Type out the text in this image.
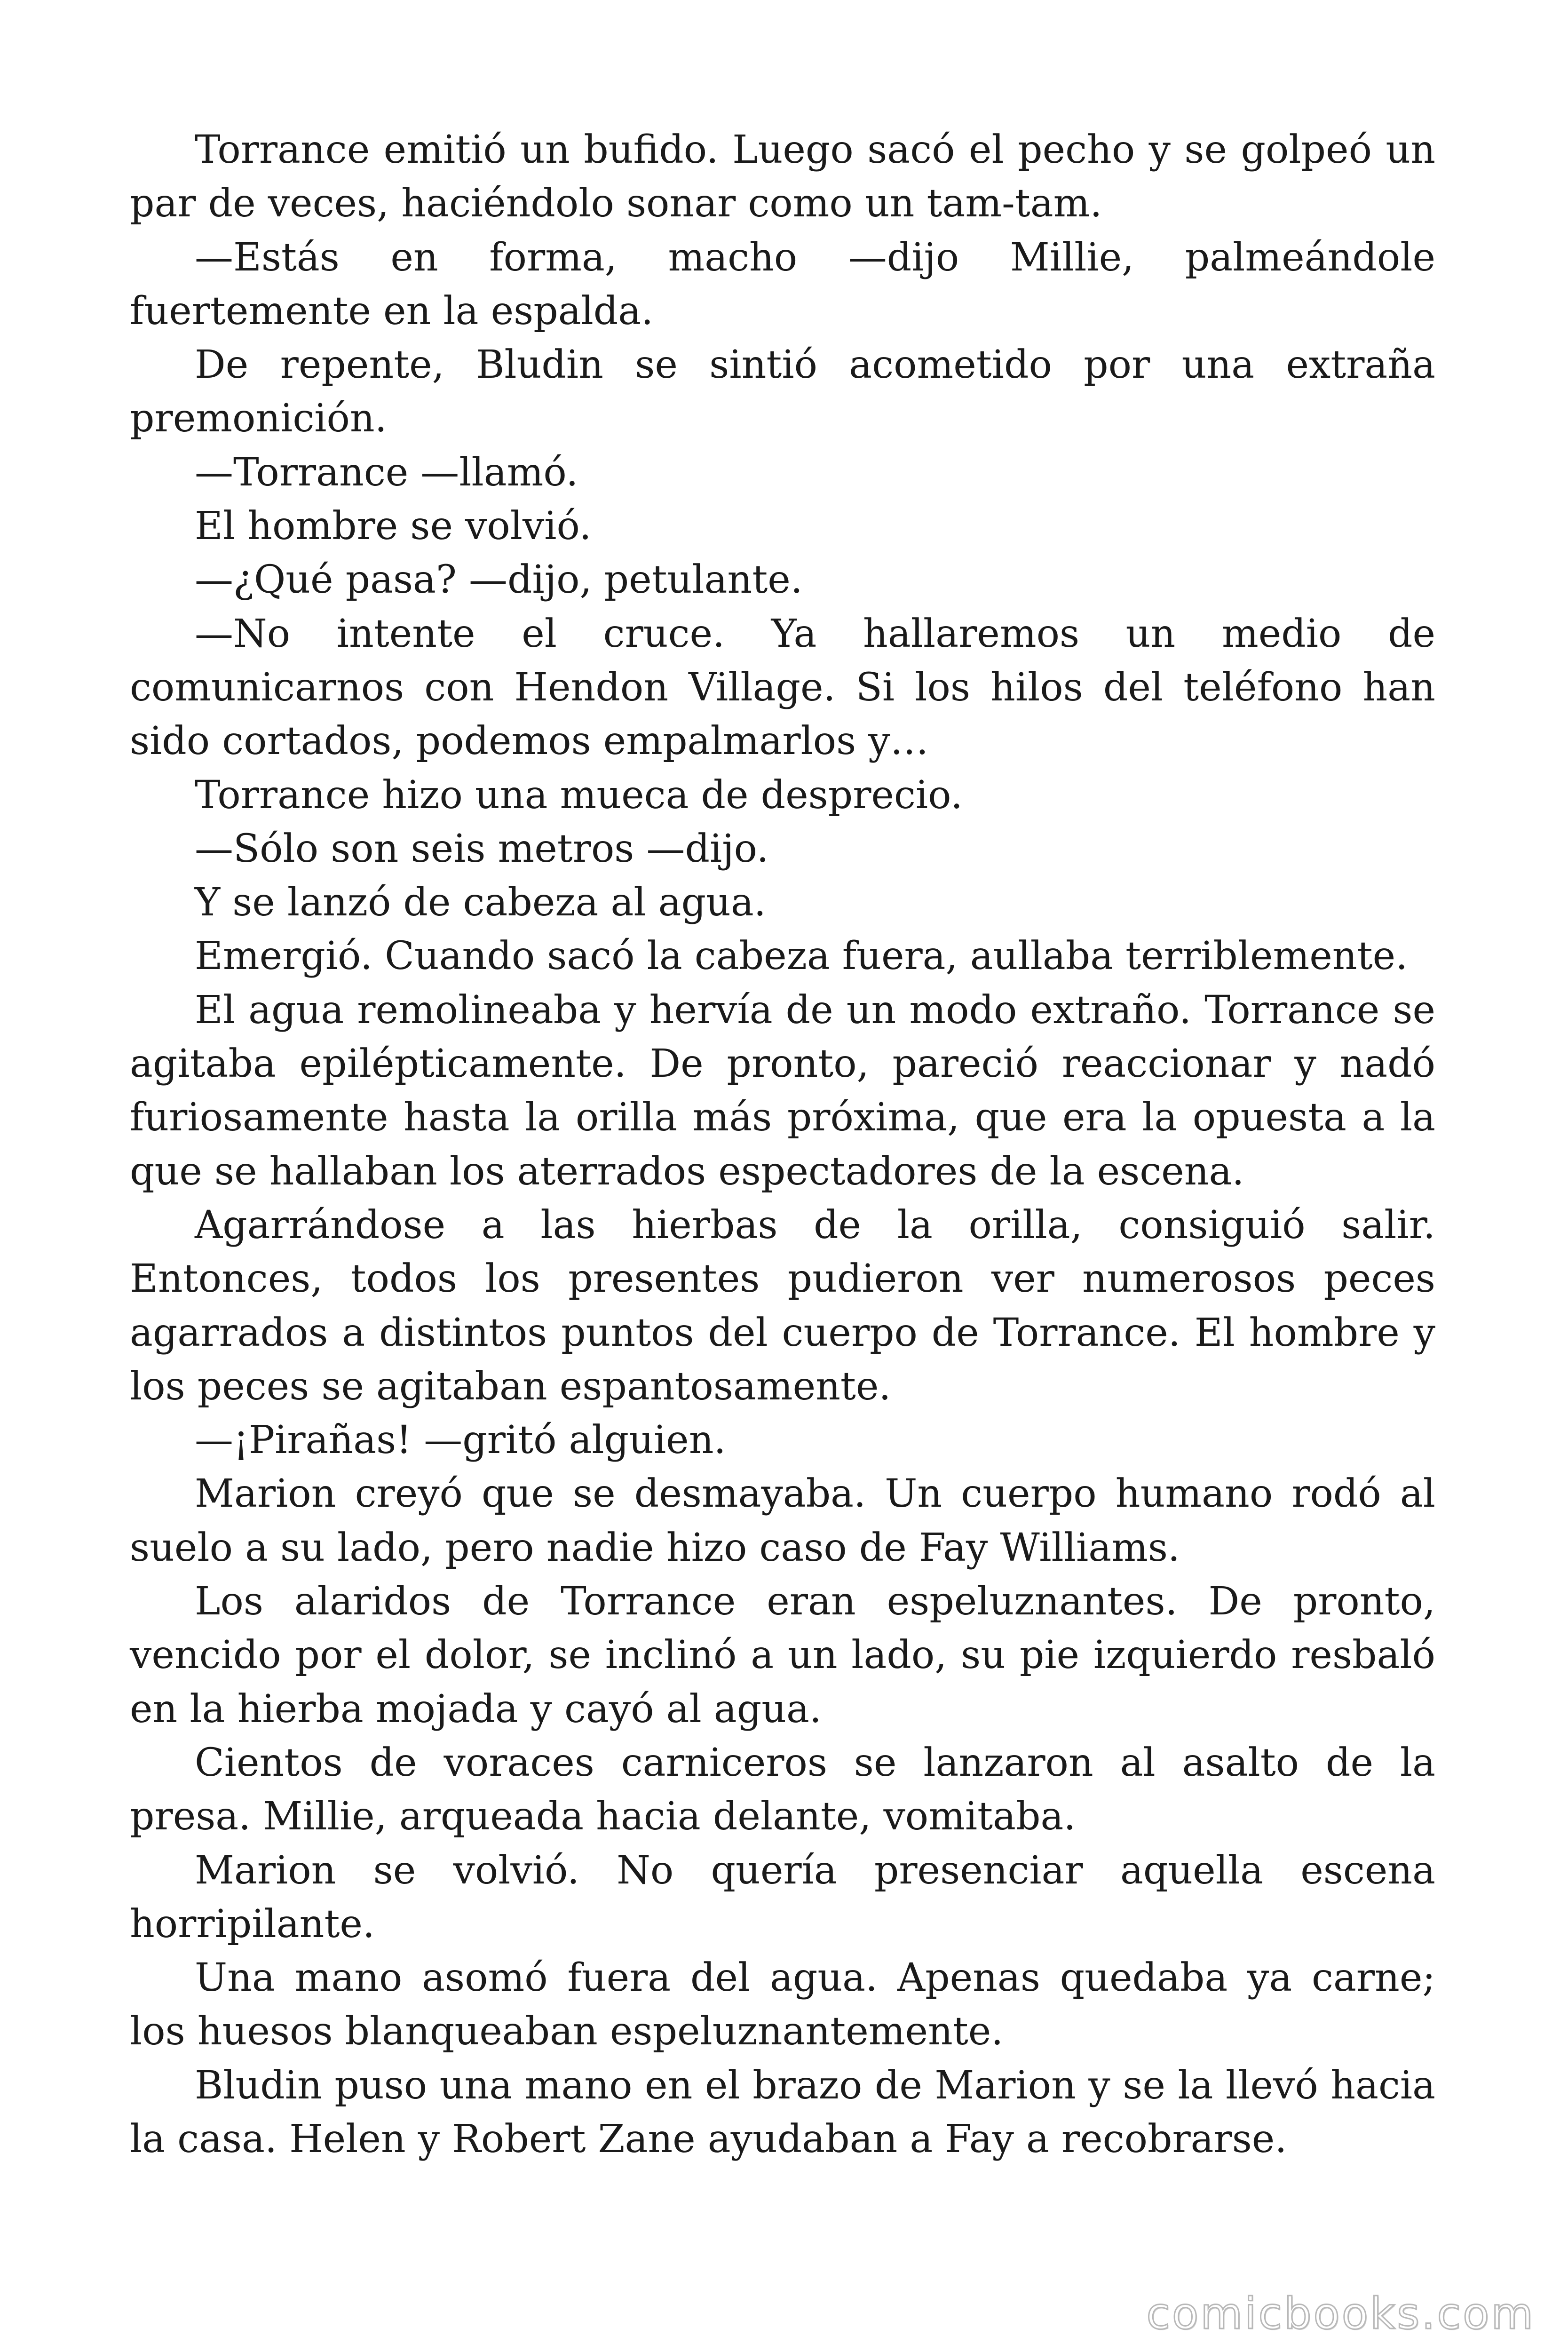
Torrance emitió un bufido. Luego sacó el pecho y se golpeó un par de veces, haciéndolo sonar como un tam-tam.

—Estás en forma, macho —dijo Millie, palmeándole fuertemente en la espalda.

De repente, Bludin se sintió acometido por una extraña premonición.

—Torrance —llamó.

El hombre se volvió.

—¿Qué pasa? —dijo, petulante.

—No intente el cruce. Ya hallaremos un medio de comunicarnos con Hendon Village. Si los hilos del teléfono han sido cortados, podemos empalmarlos y…

Torrance hizo una mueca de desprecio.

—Sólo son seis metros —dijo.

Y se lanzó de cabeza al agua.

Emergió. Cuando sacó la cabeza fuera, aullaba terriblemente.

El agua remolineaba y hervía de un modo extraño. Torrance se agitaba epilépticamente. De pronto, pareció reaccionar y nadó furiosamente hasta la orilla más próxima, que era la opuesta a la que se hallaban los aterrados espectadores de la escena.

Agarrándose a las hierbas de la orilla, consiguió salir. Entonces, todos los presentes pudieron ver numerosos peces agarrados a distintos puntos del cuerpo de Torrance. El hombre y los peces se agitaban espantosamente.

—¡Pirañas! —gritó alguien.

Marion creyó que se desmayaba. Un cuerpo humano rodó al suelo a su lado, pero nadie hizo caso de Fay Williams.

Los alaridos de Torrance eran espeluznantes. De pronto, vencido por el dolor, se inclinó a un lado, su pie izquierdo resbaló en la hierba mojada y cayó al agua.

Cientos de voraces carniceros se lanzaron al asalto de la presa. Millie, arqueada hacia delante, vomitaba.

Marion se volvió. No quería presenciar aquella escena horripilante.

Una mano asomó fuera del agua. Apenas quedaba ya carne; los huesos blanqueaban espeluznantemente.

Bludin puso una mano en el brazo de Marion y se la llevó hacia la casa. Helen y Robert Zane ayudaban a Fay a recobrarse.

comicbooks.com
